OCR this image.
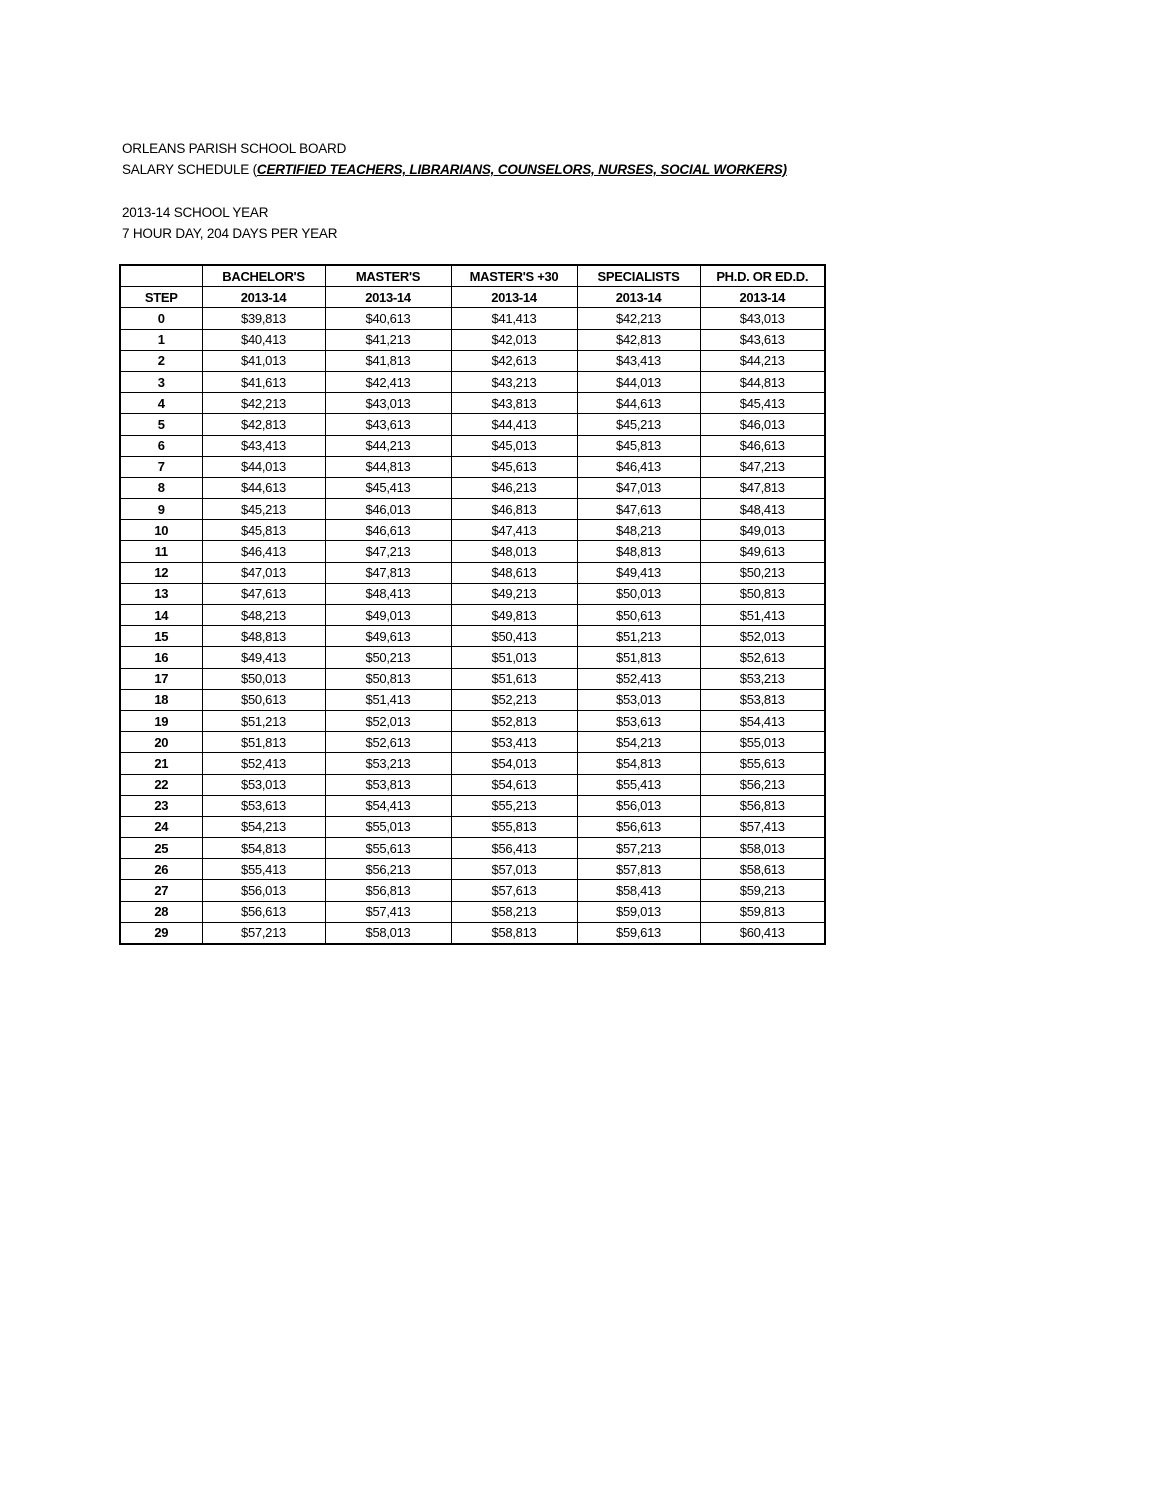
ORLEANS PARISH SCHOOL BOARD
SALARY SCHEDULE (CERTIFIED TEACHERS, LIBRARIANS, COUNSELORS, NURSES, SOCIAL WORKERS)
2013-14 SCHOOL YEAR
7 HOUR DAY, 204 DAYS PER YEAR
	BACHELOR'S	MASTER'S	MASTER'S +30	SPECIALISTS	PH.D. OR ED.D.
STEP	2013-14	2013-14	2013-14	2013-14	2013-14
0	$39,813	$40,613	$41,413	$42,213	$43,013
1	$40,413	$41,213	$42,013	$42,813	$43,613
2	$41,013	$41,813	$42,613	$43,413	$44,213
3	$41,613	$42,413	$43,213	$44,013	$44,813
4	$42,213	$43,013	$43,813	$44,613	$45,413
5	$42,813	$43,613	$44,413	$45,213	$46,013
6	$43,413	$44,213	$45,013	$45,813	$46,613
7	$44,013	$44,813	$45,613	$46,413	$47,213
8	$44,613	$45,413	$46,213	$47,013	$47,813
9	$45,213	$46,013	$46,813	$47,613	$48,413
10	$45,813	$46,613	$47,413	$48,213	$49,013
11	$46,413	$47,213	$48,013	$48,813	$49,613
12	$47,013	$47,813	$48,613	$49,413	$50,213
13	$47,613	$48,413	$49,213	$50,013	$50,813
14	$48,213	$49,013	$49,813	$50,613	$51,413
15	$48,813	$49,613	$50,413	$51,213	$52,013
16	$49,413	$50,213	$51,013	$51,813	$52,613
17	$50,013	$50,813	$51,613	$52,413	$53,213
18	$50,613	$51,413	$52,213	$53,013	$53,813
19	$51,213	$52,013	$52,813	$53,613	$54,413
20	$51,813	$52,613	$53,413	$54,213	$55,013
21	$52,413	$53,213	$54,013	$54,813	$55,613
22	$53,013	$53,813	$54,613	$55,413	$56,213
23	$53,613	$54,413	$55,213	$56,013	$56,813
24	$54,213	$55,013	$55,813	$56,613	$57,413
25	$54,813	$55,613	$56,413	$57,213	$58,013
26	$55,413	$56,213	$57,013	$57,813	$58,613
27	$56,013	$56,813	$57,613	$58,413	$59,213
28	$56,613	$57,413	$58,213	$59,013	$59,813
29	$57,213	$58,013	$58,813	$59,613	$60,413
